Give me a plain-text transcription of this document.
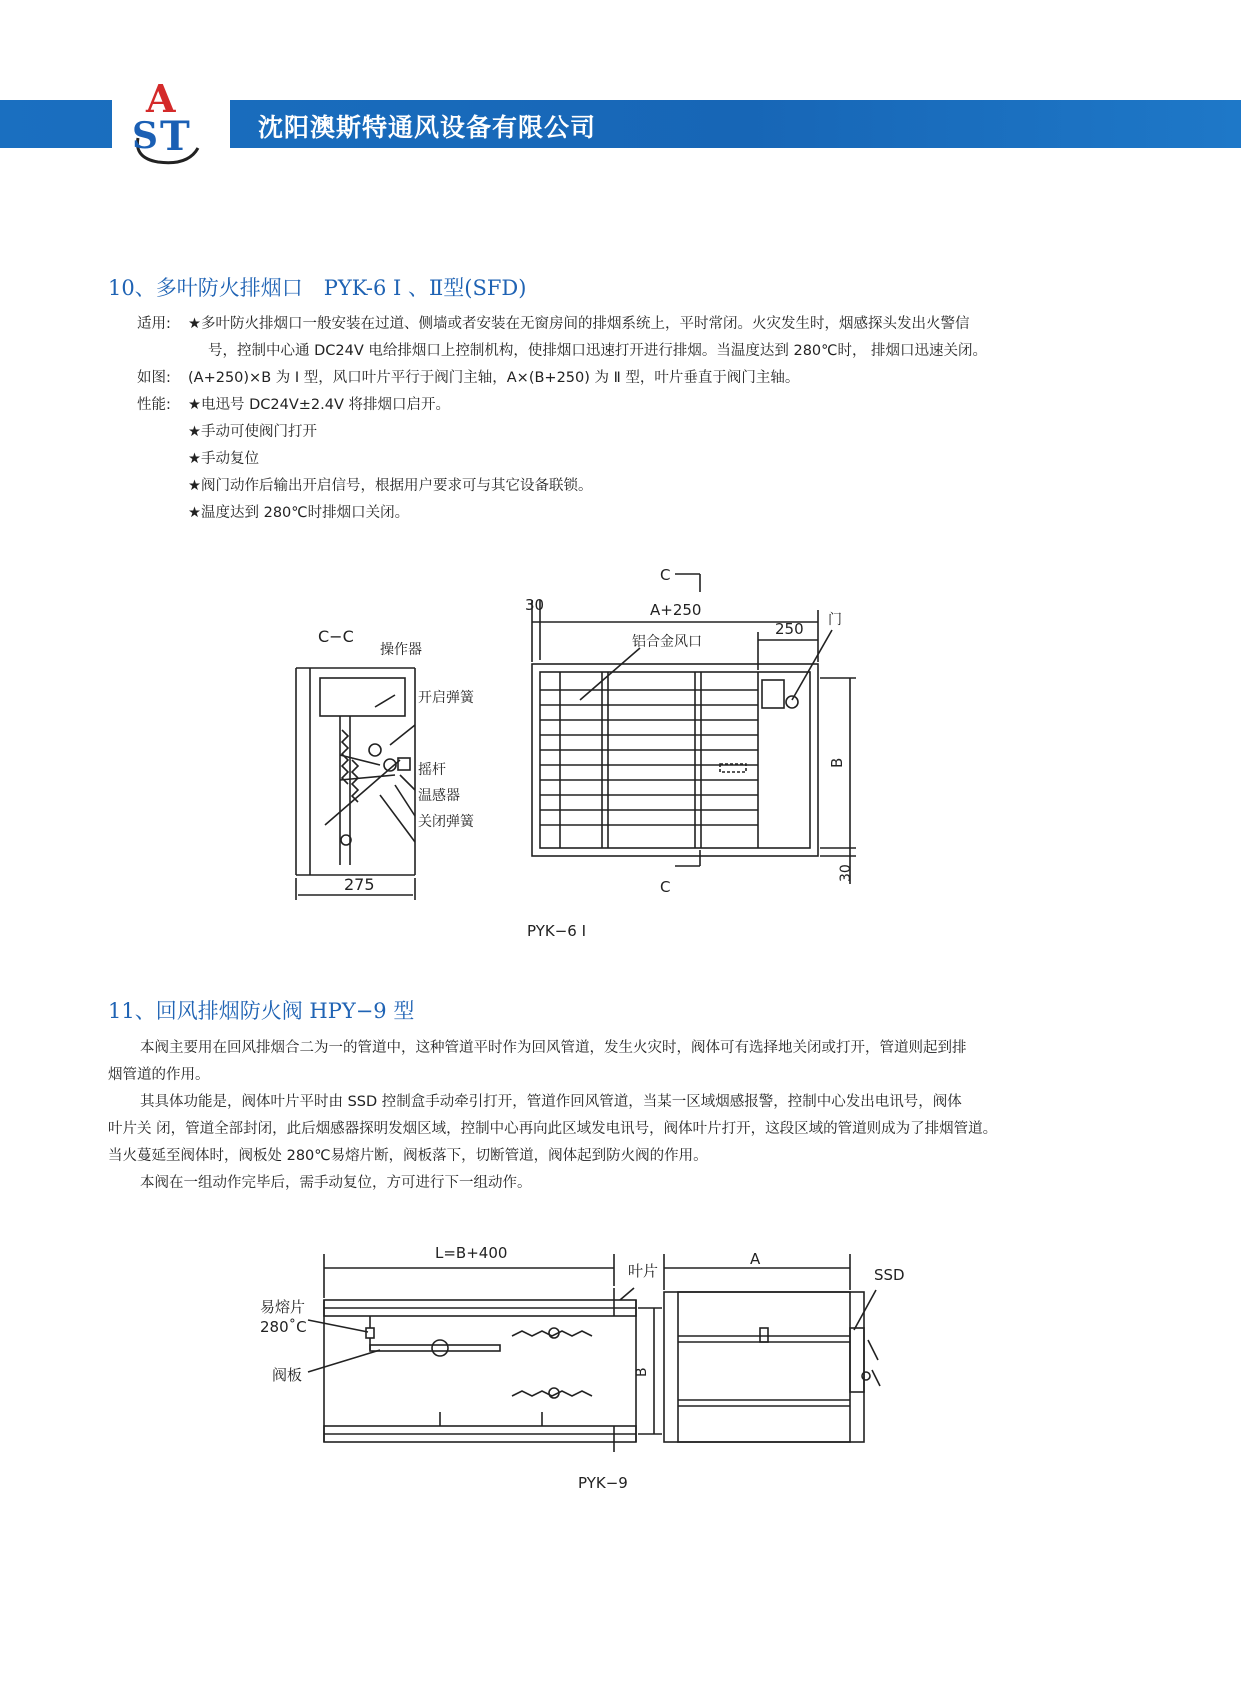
A
S T	沈阳澳斯特通风设备有限公司
10、多叶防火排烟口　PYK-6 Ⅰ 、Ⅱ型(SFD)
适用: ★多叶防火排烟口一般安装在过道、侧墙或者安装在无窗房间的排烟系统上，平时常闭。火灾发生时，烟感探头发出火警信
号，控制中心通 DC24V 电给排烟口上控制机构，使排烟口迅速打开进行排烟。当温度达到 280℃时， 排烟口迅速关闭。
如图: (A+250)×B 为 Ⅰ 型，风口叶片平行于阀门主轴，A×(B+250) 为 Ⅱ 型，叶片垂直于阀门主轴。
性能: ★电迅号 DC24V±2.4V 将排烟口启开。
★手动可使阀门打开
★手动复位
★阀门动作后输出开启信号，根据用户要求可与其它设备联锁。
★温度达到 280℃时排烟口关闭。
C−C
操作器
开启弹簧
摇杆
温感器
关闭弹簧
275
C
C
30	A+250
250 门
铝合金风口
B
30
PYK−6 Ⅰ
11、回风排烟防火阀 HPY−9 型
本阀主要用在回风排烟合二为一的管道中，这种管道平时作为回风管道，发生火灾时，阀体可有选择地关闭或打开，管道则起到排
烟管道的作用。
其具体功能是，阀体叶片平时由 SSD 控制盒手动牵引打开，管道作回风管道，当某一区域烟感报警，控制中心发出电讯号，阀体
叶片关 闭，管道全部封闭，此后烟感器探明发烟区域，控制中心再向此区域发电讯号，阀体叶片打开，这段区域的管道则成为了排烟管道。
当火蔓延至阀体时，阀板处 280℃易熔片断，阀板落下，切断管道，阀体起到防火阀的作用。
本阀在一组动作完毕后，需手动复位，方可进行下一组动作。
L=B+400
叶片
易熔片
280˚C
阀板	B
A
SSD
PYK−9
